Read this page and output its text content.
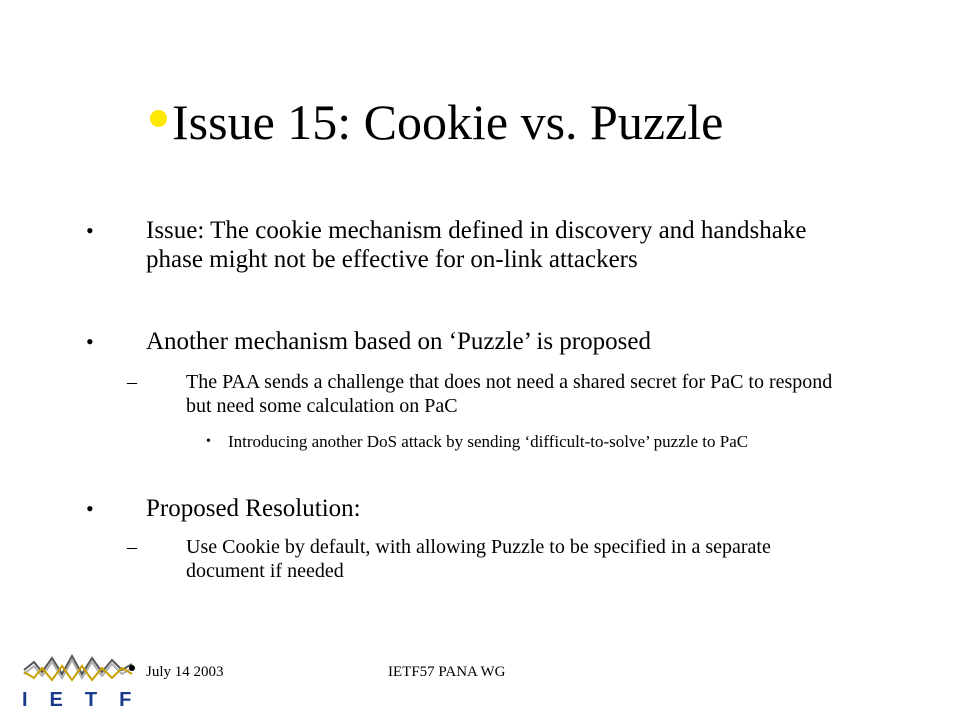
Issue 15: Cookie vs. Puzzle
• Issue: The cookie mechanism defined in discovery and handshake phase might not be effective for on-link attackers
• Another mechanism based on ‘Puzzle’ is proposed
– The PAA sends a challenge that does not need a shared secret for PaC to respond but need some calculation on PaC
• Introducing another DoS attack by sending ‘difficult-to-solve’ puzzle to PaC
• Proposed Resolution:
– Use Cookie by default, with allowing Puzzle to be specified in a separate document if needed
IETF
July 14 2003	IETF57 PANA WG
